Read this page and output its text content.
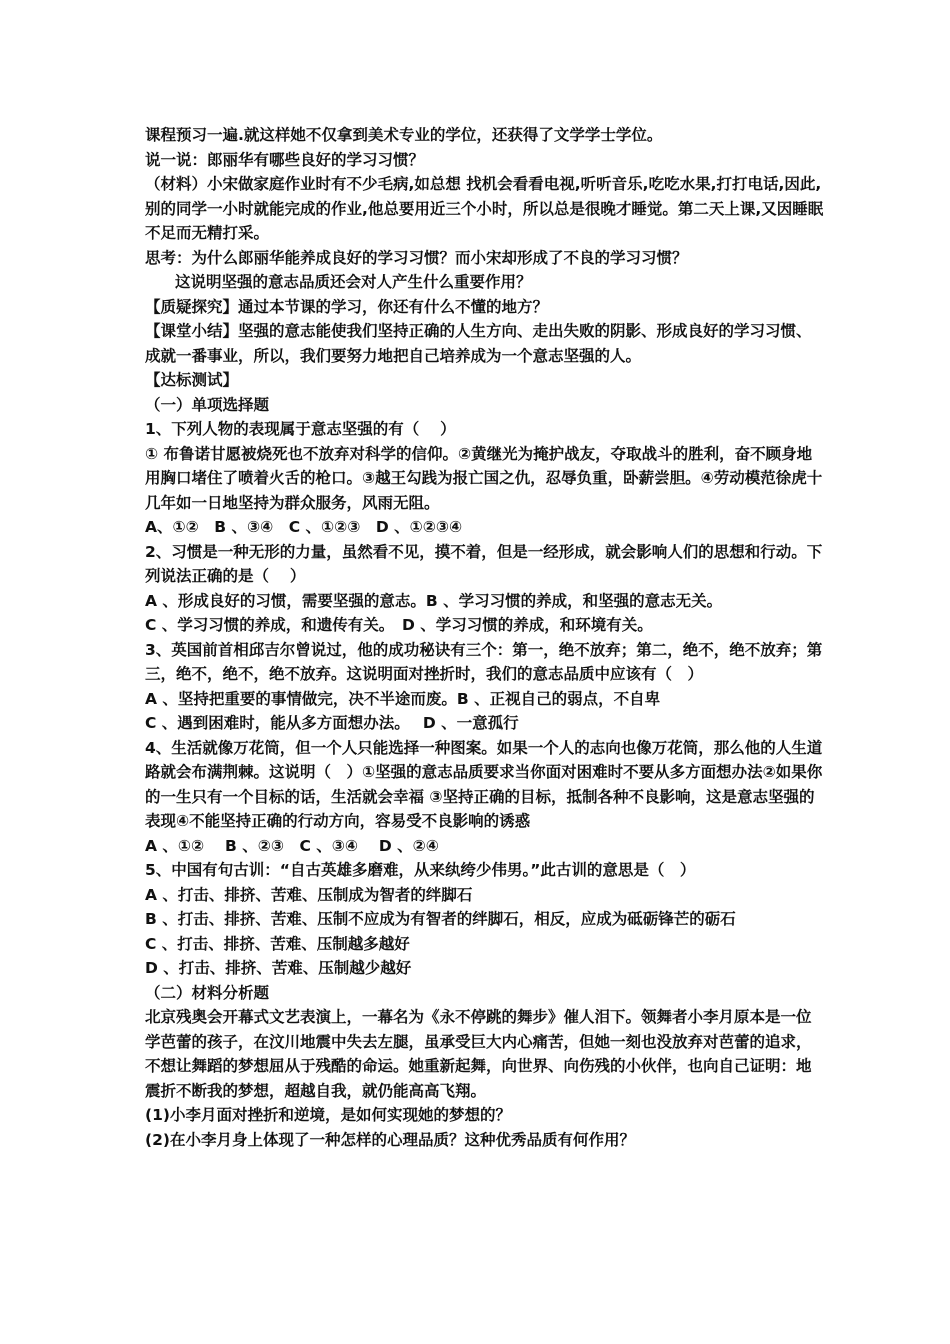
课程预习一遍.就这样她不仅拿到美术专业的学位，还获得了文学学士学位。

说一说：郎丽华有哪些良好的学习习惯？

（材料）小宋做家庭作业时有不少毛病,如总想 找机会看看电视,听听音乐,吃吃水果,打打电话,因此,别的同学一小时就能完成的作业,他总要用近三个小时，所以总是很晚才睡觉。第二天上课,又因睡眠不足而无精打采。

思考：为什么郎丽华能养成良好的学习习惯？而小宋却形成了不良的学习习惯？

这说明坚强的意志品质还会对人产生什么重要作用？

【质疑探究】通过本节课的学习，你还有什么不懂的地方？

【课堂小结】坚强的意志能使我们坚持正确的人生方向、走出失败的阴影、形成良好的学习习惯、成就一番事业，所以，我们要努力地把自己培养成为一个意志坚强的人。

【达标测试】

（一）单项选择题

1、下列人物的表现属于意志坚强的有（　 ）

① 布鲁诺甘愿被烧死也不放弃对科学的信仰。②黄继光为掩护战友，夺取战斗的胜利，奋不顾身地用胸口堵住了喷着火舌的枪口。③越王勾践为报亡国之仇，忍辱负重，卧薪尝胆。④劳动模范徐虎十几年如一日地坚持为群众服务，风雨无阻。

A、①②　B 、③④　C 、①②③　D 、①②③④

2、习惯是一种无形的力量，虽然看不见，摸不着，但是一经形成，就会影响人们的思想和行动。下列说法正确的是（　 ）

A 、形成良好的习惯，需要坚强的意志。B 、学习习惯的养成，和坚强的意志无关。

C 、学习习惯的养成，和遗传有关。　D 、学习习惯的养成，和环境有关。

3、英国前首相邱吉尔曾说过，他的成功秘诀有三个：第一，绝不放弃；第二，绝不，绝不放弃；第三，绝不，绝不，绝不放弃。这说明面对挫折时，我们的意志品质中应该有（　）

A 、坚持把重要的事情做完，决不半途而废。B 、正视自己的弱点，不自卑

C 、遇到困难时，能从多方面想办法。　 D 、一意孤行

4、生活就像万花筒，但一个人只能选择一种图案。如果一个人的志向也像万花筒，那么他的人生道路就会布满荆棘。这说明（　）①坚强的意志品质要求当你面对困难时不要从多方面想办法②如果你的一生只有一个目标的话，生活就会幸福 ③坚持正确的目标，抵制各种不良影响，这是意志坚强的表现④不能坚持正确的行动方向，容易受不良影响的诱惑

A 、①②　 B 、②③　C 、③④　 D 、②④

5、中国有句古训：“自古英雄多磨难，从来纨绔少伟男。”此古训的意思是（　）

A 、打击、排挤、苦难、压制成为智者的绊脚石

B 、打击、排挤、苦难、压制不应成为有智者的绊脚石，相反，应成为砥砺锋芒的砺石

C 、打击、排挤、苦难、压制越多越好

D 、打击、排挤、苦难、压制越少越好

（二）材料分析题

北京残奥会开幕式文艺表演上，一幕名为《永不停跳的舞步》催人泪下。领舞者小李月原本是一位学芭蕾的孩子，在汶川地震中失去左腿，虽承受巨大内心痛苦，但她一刻也没放弃对芭蕾的追求，不想让舞蹈的梦想屈从于残酷的命运。她重新起舞，向世界、向伤残的小伙伴，也向自己证明：地震折不断我的梦想，超越自我，就仍能高高飞翔。

(1)小李月面对挫折和逆境，是如何实现她的梦想的？

(2)在小李月身上体现了一种怎样的心理品质？这种优秀品质有何作用？
